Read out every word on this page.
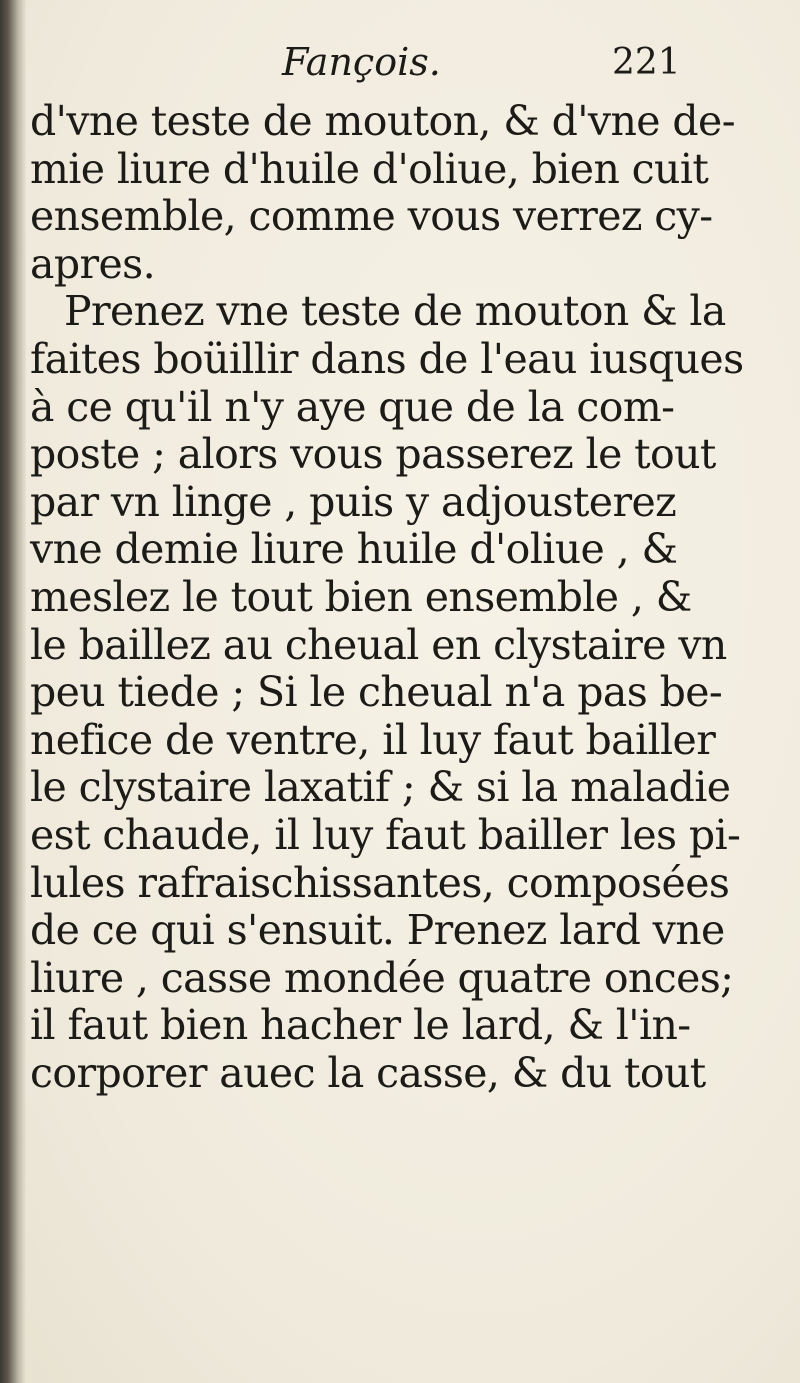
Fançois.	221
d'vne teste de mouton, & d'vne de-
mie liure d'huile d'oliue, bien cuit
ensemble, comme vous verrez cy-
apres.
Prenez vne teste de mouton & la
faites boüillir dans de l'eau iusques
à ce qu'il n'y aye que de la com-
poste ; alors vous passerez le tout
par vn linge , puis y adjousterez
vne demie liure huile d'oliue , &
meslez le tout bien ensemble , &
le baillez au cheual en clystaire vn
peu tiede ; Si le cheual n'a pas be-
nefice de ventre, il luy faut bailler
le clystaire laxatif ; & si la maladie
est chaude, il luy faut bailler les pi-
lules rafraischissantes, composées
de ce qui s'ensuit. Prenez lard vne
liure , casse mondée quatre onces;
il faut bien hacher le lard, & l'in-
corporer auec la casse, & du tout
